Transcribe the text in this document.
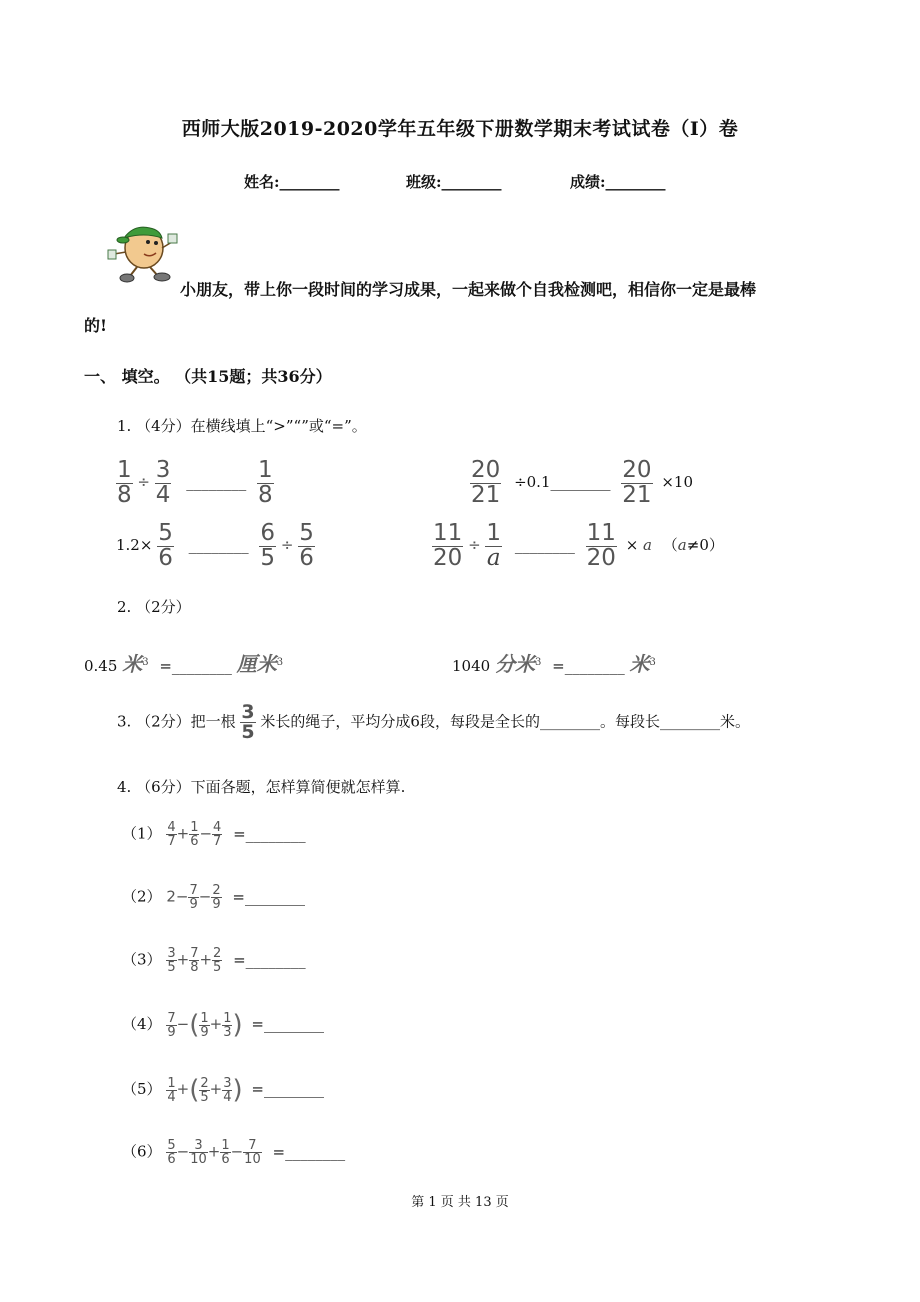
西师大版2019-2020学年五年级下册数学期末考试试卷（I）卷
姓名:________	班级:________	成绩:________
小朋友，带上你一段时间的学习成果，一起来做个自我检测吧，相信你一定是最棒
的!
一、 填空。 （共15题；共36分）
1. （4分）在横线填上“>”“”或“=”。
$\frac{1}{8} \div \frac{3}{4}$ ________ $\frac{1}{8}$	$\frac{20}{21}$ ÷0.1________ $\frac{20}{21} \times 10$
$1.2\times \frac{5}{6}$ ________ $\frac{6}{5} \div \frac{5}{6}$	$\frac{11}{20} \div \frac{1}{a}$ ________ $\frac{11}{20} \times a$ （a≠0）
2. （2分）
0.45 米$^3$ =________ 厘米$^3$	1040 分米$^3$ =________ 米$^3$
3. （2分）把一根 $\frac{3}{5}$ 米长的绳子，平均分成6段，每段是全长的________。每段长________米。
4. （6分）下面各题，怎样算简便就怎样算.
$(1) \frac{4}{7} + \frac{1}{6} - \frac{4}{7}$ =________
（2） $2- \frac{7}{9} - \frac{2}{9}$ =________
$(3) \frac{3}{5} + \frac{7}{8} + \frac{2}{5}$ =________
$(4) \frac{7}{9}$ −( $\frac{1}{9} + \frac{1}{3}$ ) =________
$(5) \frac{1}{4}$ +( $\frac{2}{5} + \frac{3}{4}$ ) =________
$(6) \frac{5}{6} - \frac{3}{10} + \frac{1}{6} - \frac{7}{10}$ =________
第 1 页 共 13 页
